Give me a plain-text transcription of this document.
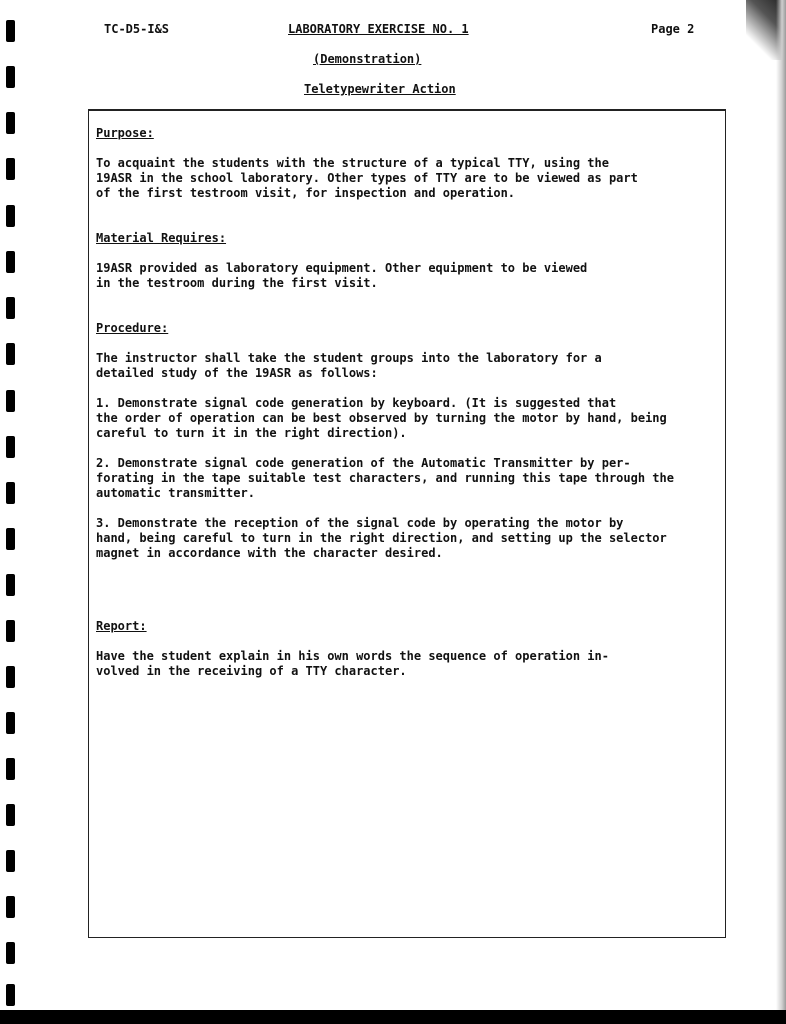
TC-D5-I&S	LABORATORY EXERCISE NO. 1	Page 2
(Demonstration)
Teletypewriter Action

Purpose:

To acquaint the students with the structure of a typical TTY, using the
19ASR in the school laboratory. Other types of TTY are to be viewed as part
of the first testroom visit, for inspection and operation.

Material Requires:

19ASR provided as laboratory equipment. Other equipment to be viewed
in the testroom during the first visit.

Procedure:

The instructor shall take the student groups into the laboratory for a
detailed study of the 19ASR as follows:

1. Demonstrate signal code generation by keyboard. (It is suggested that
the order of operation can be best observed by turning the motor by hand, being
careful to turn it in the right direction).

2. Demonstrate signal code generation of the Automatic Transmitter by per-
forating in the tape suitable test characters, and running this tape through the
automatic transmitter.

3. Demonstrate the reception of the signal code by operating the motor by
hand, being careful to turn in the right direction, and setting up the selector
magnet in accordance with the character desired.

Report:

Have the student explain in his own words the sequence of operation in-
volved in the receiving of a TTY character.
